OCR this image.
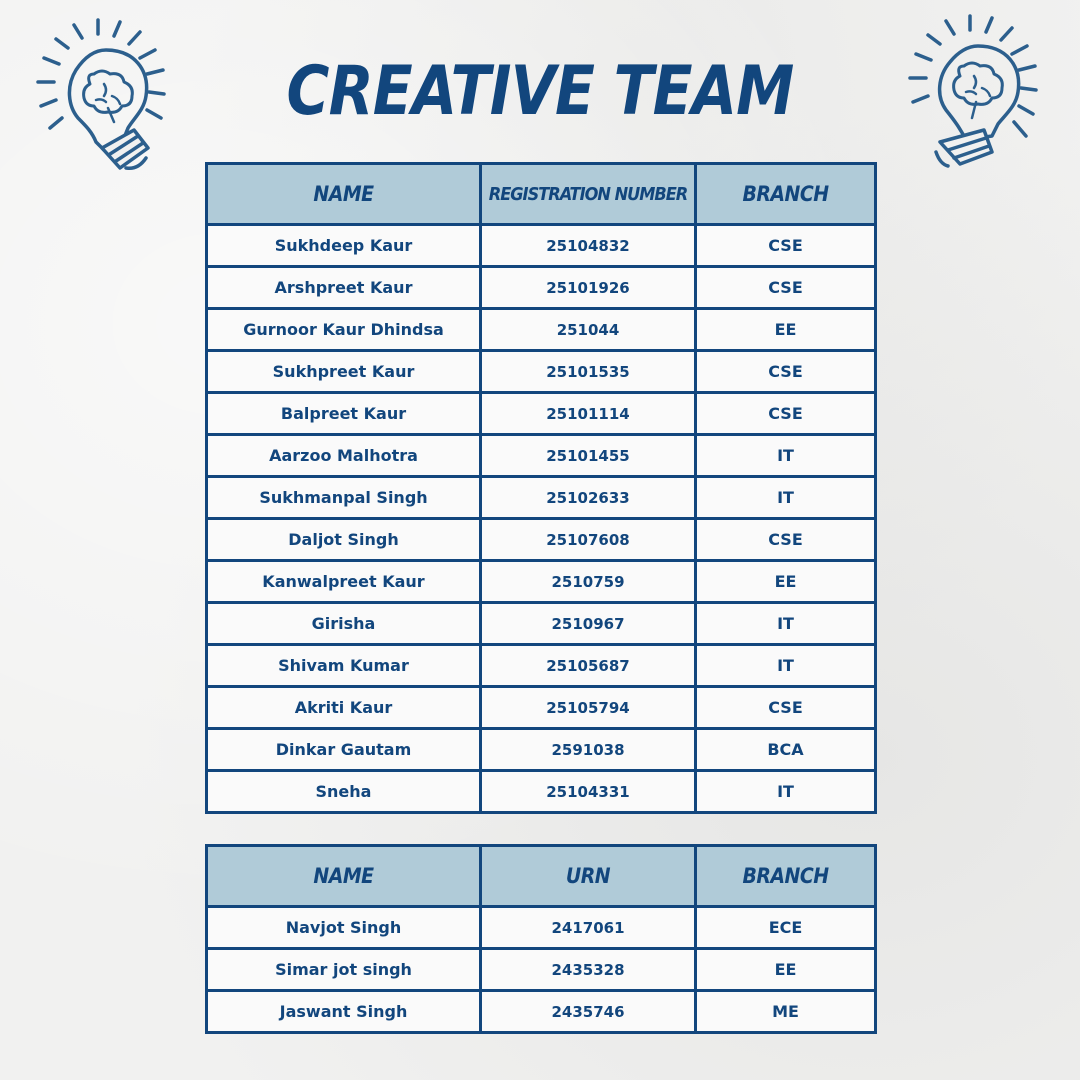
CREATIVE TEAM
NAME	REGISTRATION NUMBER	BRANCH
Sukhdeep Kaur	25104832	CSE
Arshpreet Kaur	25101926	CSE
Gurnoor Kaur Dhindsa	251044	EE
Sukhpreet Kaur	25101535	CSE
Balpreet Kaur	25101114	CSE
Aarzoo Malhotra	25101455	IT
Sukhmanpal Singh	25102633	IT
Daljot Singh	25107608	CSE
Kanwalpreet Kaur	2510759	EE
Girisha	2510967	IT
Shivam Kumar	25105687	IT
Akriti Kaur	25105794	CSE
Dinkar Gautam	2591038	BCA
Sneha	25104331	IT
NAME	URN	BRANCH
Navjot Singh	2417061	ECE
Simar jot singh	2435328	EE
Jaswant Singh	2435746	ME
